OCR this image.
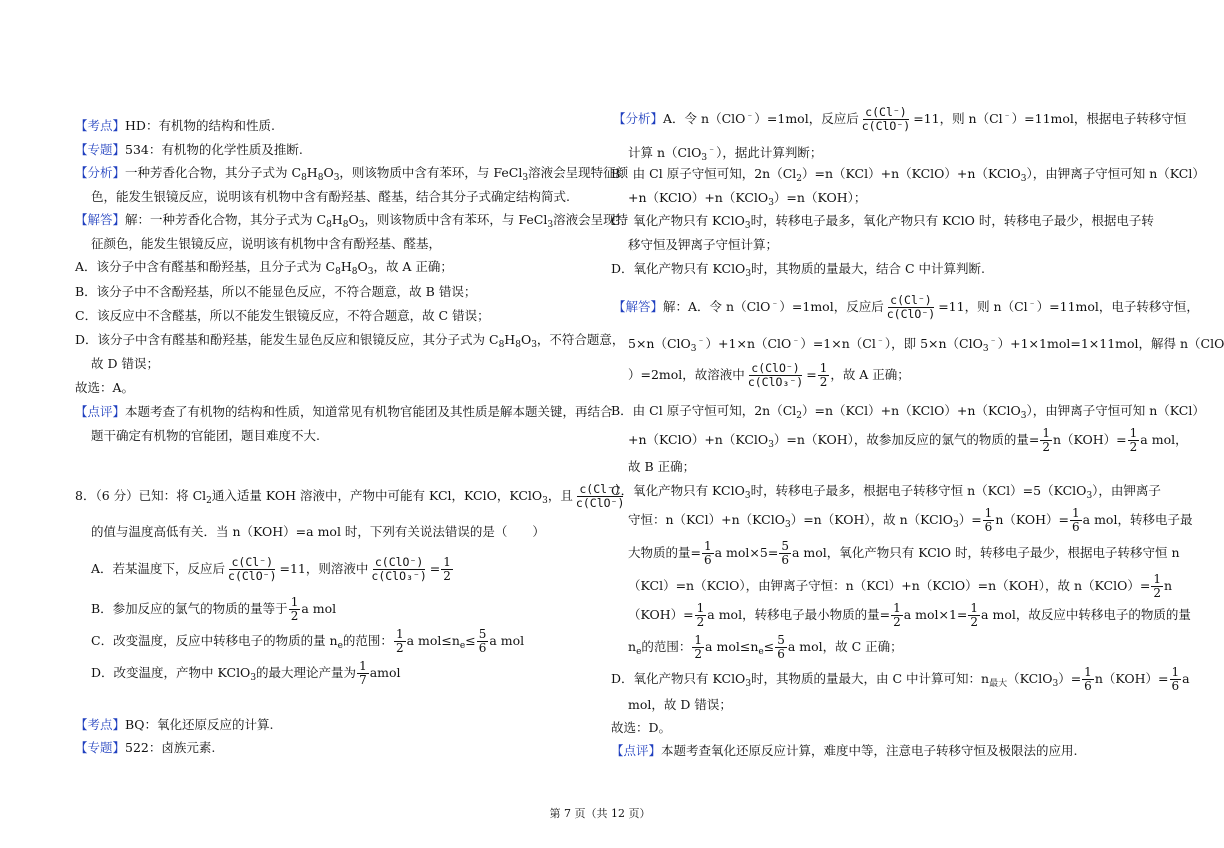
【考点】HD：有机物的结构和性质.
【专题】534：有机物的化学性质及推断.
【分析】一种芳香化合物，其分子式为 $C_8H_8O_3$，则该物质中含有苯环，与 FeCl$_3$溶液会呈现特征颜
色，能发生银镜反应，说明该有机物中含有酚羟基、醛基，结合其分子式确定结构简式.
【解答】解：一种芳香化合物，其分子式为 $C_8H_8O_3$，则该物质中含有苯环，与 FeCl$_3$溶液会呈现特
征颜色，能发生银镜反应，说明该有机物中含有酚羟基、醛基，
A．该分子中含有醛基和酚羟基，且分子式为 $C_8H_8O_3$，故 A 正确；
B．该分子中不含酚羟基，所以不能显色反应，不符合题意，故 B 错误；
C．该反应中不含醛基，所以不能发生银镜反应，不符合题意，故 C 错误；
D．该分子中含有醛基和酚羟基，能发生显色反应和银镜反应，其分子式为 $C_8H_8O_3$，不符合题意，
故 D 错误；
故选：A。
【点评】本题考查了有机物的结构和性质，知道常见有机物官能团及其性质是解本题关键，再结合
题干确定有机物的官能团，题目难度不大.
8．（6 分）已知：将 $Cl_2$通入适量 KOH 溶液中，产物中可能有 KCl，KClO，KClO$_3$，且 $\frac{c(Cl^-)}{\text{c(ClO⁻)}}$
的值与温度高低有关．当 n（KOH）=a mol 时，下列有关说法错误的是（　　）
A．若某温度下，反应后 $\frac{c(Cl^-)}{\text{c(ClO⁻)}} =11$，则溶液中 $\frac{\text{c(ClO⁻)}}{\text{c(ClO₃⁻)}} = \frac{1}{2}$
B．参加反应的氯气的物质的量等于 $\frac{1}{2}$ a mol
C．改变温度，反应中转移电子的物质的量 $n_e$的范围： $\frac{1}{2}$ a $mol\le n_e\le \frac{5}{6}$ a mol
D．改变温度，产物中 KClO$_3$的最大理论产量为 $\frac{1}{7}$ amol
【考点】BQ：氧化还原反应的计算.
【专题】522：卤族元素.
【分析】A．令 n（ClO﹣）=1mol，反应后 $\frac{c(Cl^-)}{\text{c(ClO⁻)}} =11$，则 n（Cl﹣）=11mol，根据电子转移守恒
计算 n（ClO$_3$﹣），据此计算判断；
B．由 Cl 原子守恒可知，$2n(Cl_2)=n(KCl)+n(KClO)+n(KClO_3)$，由钾离子守恒可知 n（KCl）
+n（KClO）+n（KClO$_3$）=n（KOH）；
C．氧化产物只有 KClO$_3$时，转移电子最多，氧化产物只有 KClO 时，转移电子最少，根据电子转
移守恒及钾离子守恒计算；
D．氧化产物只有 KClO$_3$时，其物质的量最大，结合 C 中计算判断.
【解答】解：A．令 n（ClO﹣）=1mol，反应后 $\frac{c(Cl^-)}{\text{c(ClO⁻)}} =11$，则 n（Cl﹣）=11mol，电子转移守恒，
5×n（ClO$_3$﹣）+1×n（ClO﹣）=1×n（Cl﹣），即 5×n（ClO$_3$﹣）+1×1mol=1×11mol，解得 n（ClO
）=2mol，故溶液中 $\frac{\text{c(ClO⁻)}}{\text{c(ClO₃⁻)}} = \frac{1}{2}$ ，故 A 正确；
B．由 Cl 原子守恒可知，$2n(Cl_2)=n(KCl)+n(KClO)+n(KClO_3)$，由钾离子守恒可知 n（KCl）
+n（KClO）+n（KClO$_3$）=n（KOH），故参加反应的氯气的物质的量= $\frac{1}{2} n(KOH)= \frac{1}{2}$ a mol，
故 B 正确；
C．氧化产物只有 KClO$_3$时，转移电子最多，根据电子转移守恒 n（KCl）=5（KClO$_3$），由钾离子
守恒：n（KCl）+n（KClO$_3$）=n（KOH），故 n（KClO$_3$）= $\frac{1}{6} n(KOH)= \frac{1}{6}$ a mol，转移电子最
大物质的量= $\frac{1}{6}$ a $mol\times 5= \frac{5}{6}$ a mol，氧化产物只有 KClO 时，转移电子最少，根据电子转移守恒 n
（KCl）=n（KClO），由钾离子守恒：n（KCl）+n（KClO）=n（KOH），故 n（KClO）= $\frac{1}{2}$ n
$(KOH)= \frac{1}{2}$ a mol，转移电子最小物质的量= $\frac{1}{2}$ a $mol\times 1= \frac{1}{2}$ a mol，故反应中转移电子的物质的量
$n_e$的范围： $\frac{1}{2}$ a $mol\le n_e\le \frac{5}{6}$ a mol，故 C 正确；
D．氧化产物只有 KClO$_3$时，其物质的量最大，由 C 中计算可知：$n_{最大}(KClO_3)= \frac{1}{6} n(KOH)= \frac{1}{6}$ a
mol，故 D 错误；
故选：D。
【点评】本题考查氧化还原反应计算，难度中等，注意电子转移守恒及极限法的应用.
第 7 页（共 12 页）
